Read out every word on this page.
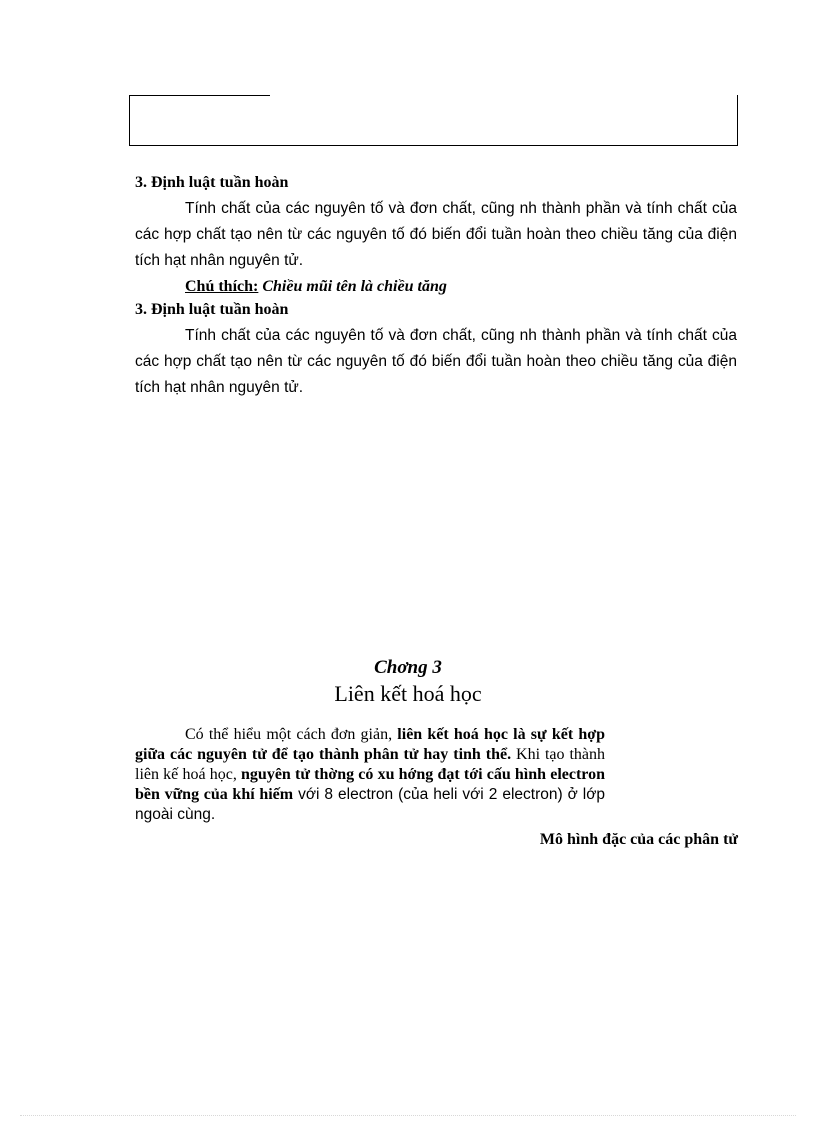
3. Định luật tuần hoàn
Tính chất của các nguyên tố và đơn chất, cũng nh thành phần và tính chất của các hợp chất tạo nên từ các nguyên tố đó biến đổi tuần hoàn theo chiều tăng của điện tích hạt nhân nguyên tử.
Chú thích: Chiều mũi tên là chiều tăng
3. Định luật tuần hoàn
Tính chất của các nguyên tố và đơn chất, cũng nh thành phần và tính chất của các hợp chất tạo nên từ các nguyên tố đó biến đổi tuần hoàn theo chiều tăng của điện tích hạt nhân nguyên tử.
Chơng 3
Liên kết hoá học
Có thể hiểu một cách đơn giản, liên kết hoá học là sự kết hợp giữa các nguyên tử để tạo thành phân tử hay tinh thể. Khi tạo thành liên kế hoá học, nguyên tử thờng có xu hớng đạt tới cấu hình electron bền vững của khí hiếm với 8 electron (của heli với 2 electron) ở lớp ngoài cùng.
Mô hình đặc của các phân tử
